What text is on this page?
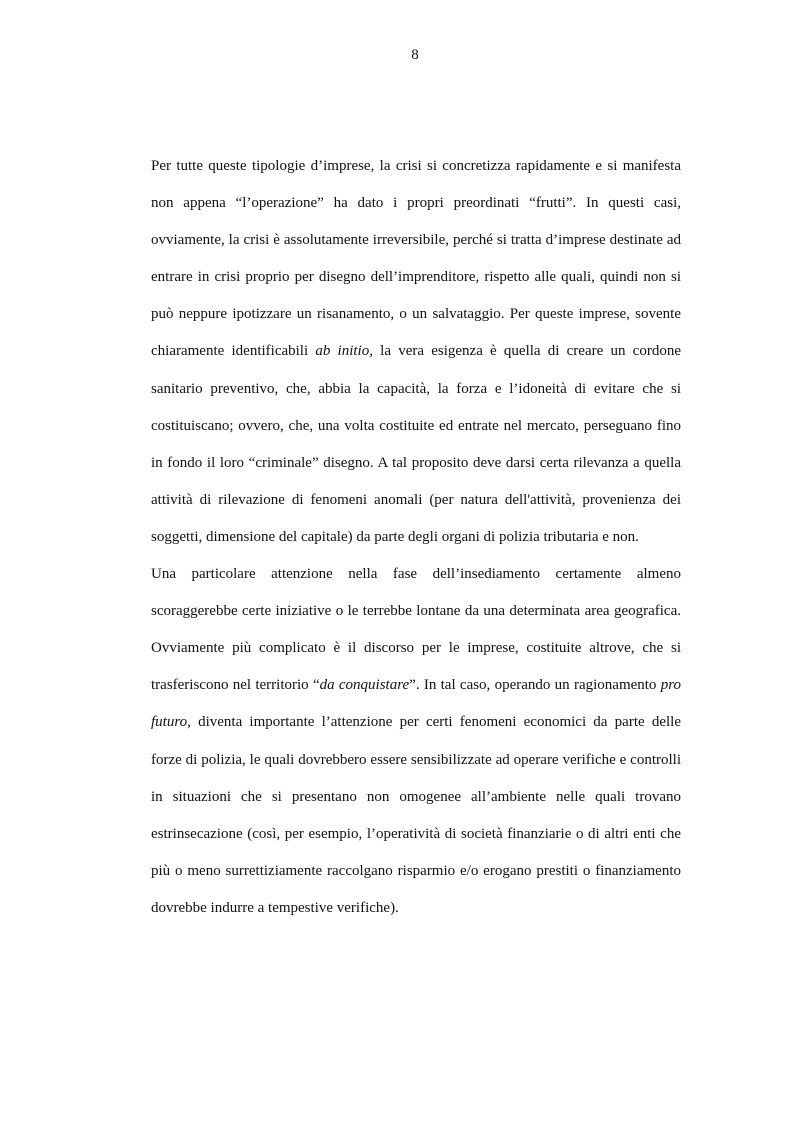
8

Per tutte queste tipologie d’imprese, la crisi si concretizza rapidamente e si manifesta non appena “l’operazione” ha dato i propri preordinati “frutti”. In questi casi, ovviamente, la crisi è assolutamente irreversibile, perché si tratta d’imprese destinate ad entrare in crisi proprio per disegno dell’imprenditore, rispetto alle quali, quindi non si può neppure ipotizzare un risanamento, o un salvataggio. Per queste imprese, sovente chiaramente identificabili ab initio, la vera esigenza è quella di creare un cordone sanitario preventivo, che, abbia la capacità, la forza e l’idoneità di evitare che si costituiscano; ovvero, che, una volta costituite ed entrate nel mercato, perseguano fino in fondo il loro “criminale” disegno. A tal proposito deve darsi certa rilevanza a quella attività di rilevazione di fenomeni anomali (per natura dell'attività, provenienza dei soggetti, dimensione del capitale) da parte degli organi di polizia tributaria e non.

Una particolare attenzione nella fase dell’insediamento certamente almeno scoraggerebbe certe iniziative o le terrebbe lontane da una determinata area geografica. Ovviamente più complicato è il discorso per le imprese, costituite altrove, che si trasferiscono nel territorio “da conquistare”. In tal caso, operando un ragionamento pro futuro, diventa importante l’attenzione per certi fenomeni economici da parte delle forze di polizia, le quali dovrebbero essere sensibilizzate ad operare verifiche e controlli in situazioni che si presentano non omogenee all’ambiente nelle quali trovano estrinsecazione (così, per esempio, l’operatività di società finanziarie o di altri enti che più o meno surrettiziamente raccolgano risparmio e/o erogano prestiti o finanziamento dovrebbe indurre a tempestive verifiche).
